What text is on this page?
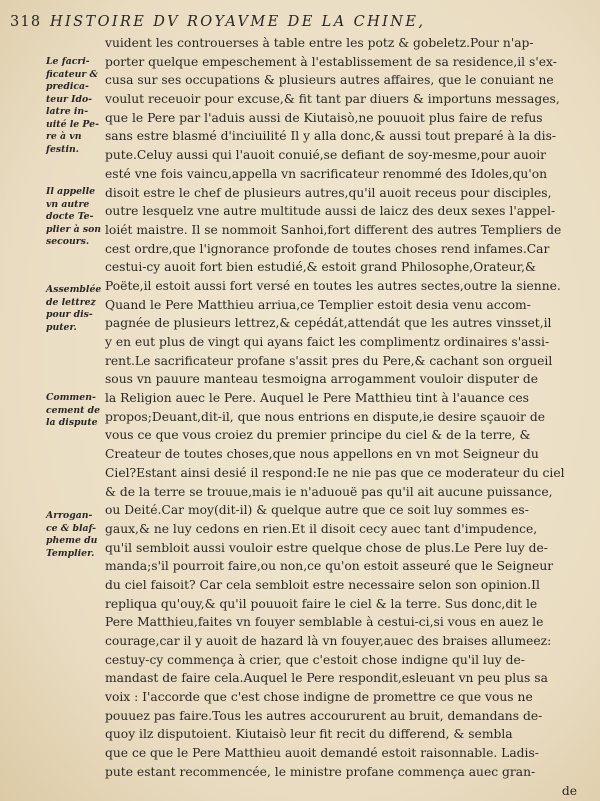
318 HISTOIRE DV ROYAVME DE LA CHINE,
Le facri-
ficateur &
predica-
teur Ido-
latre in-
uité le Pe-
re à vn
festin.
Il appelle
vn autre
docte Te-
plier à son
secours.
Assemblée
de lettrez
pour dis-
puter.
Commen-
cement de
la dispute
Arrogan-
ce & blaf-
pheme du
Templier.
vuident les controuerses à table entre les potz & gobeletz.Pour n'ap-
porter quelque empeschement à l'establissement de sa residence,il s'ex-
cusa sur ses occupations & plusieurs autres affaires, que le conuiant ne
voulut receuoir pour excuse,& fit tant par diuers & importuns messages,
que le Pere par l'aduis aussi de Kiutaisò,ne pouuoit plus faire de refus
sans estre blasmé d'inciuilité Il y alla donc,& aussi tout preparé à la dis-
pute.Celuy aussi qui l'auoit conuié,se defiant de soy-mesme,pour auoir
esté vne fois vaincu,appella vn sacrificateur renommé des Idoles,qu'on
disoit estre le chef de plusieurs autres,qu'il auoit receus pour disciples,
outre lesquelz vne autre multitude aussi de laicz des deux sexes l'appel-
loiét maistre. Il se nommoit Sanhoi,fort different des autres Templiers de
cest ordre,que l'ignorance profonde de toutes choses rend infames.Car
cestui-cy auoit fort bien estudié,& estoit grand Philosophe,Orateur,&
Poëte,il estoit aussi fort versé en toutes les autres sectes,outre la sienne.
Quand le Pere Matthieu arriua,ce Templier estoit desia venu accom-
pagnée de plusieurs lettrez,& cepédát,attendát que les autres vinsset,il
y en eut plus de vingt qui ayans faict les complimentz ordinaires s'assi-
rent.Le sacrificateur profane s'assit pres du Pere,& cachant son orgueil
sous vn pauure manteau tesmoigna arrogamment vouloir disputer de
la Religion auec le Pere. Auquel le Pere Matthieu tint à l'auance ces
propos;Deuant,dit-il, que nous entrions en dispute,ie desire sçauoir de
vous ce que vous croiez du premier principe du ciel & de la terre, &
Createur de toutes choses,que nous appellons en vn mot Seigneur du
Ciel?Estant ainsi desié il respond:Ie ne nie pas que ce moderateur du ciel
& de la terre se trouue,mais ie n'aduouë pas qu'il ait aucune puissance,
ou Deité.Car moy(dit-il) & quelque autre que ce soit luy sommes es-
gaux,& ne luy cedons en rien.Et il disoit cecy auec tant d'impudence,
qu'il sembloit aussi vouloir estre quelque chose de plus.Le Pere luy de-
manda;s'il pourroit faire,ou non,ce qu'on estoit asseuré que le Seigneur
du ciel faisoit? Car cela sembloit estre necessaire selon son opinion.Il
repliqua qu'ouy,& qu'il pouuoit faire le ciel & la terre. Sus donc,dit le
Pere Matthieu,faites vn fouyer semblable à cestui-ci,si vous en auez le
courage,car il y auoit de hazard là vn fouyer,auec des braises allumeez:
cestuy-cy commença à crier, que c'estoit chose indigne qu'il luy de-
mandast de faire cela.Auquel le Pere respondit,esleuant vn peu plus sa
voix : I'accorde que c'est chose indigne de promettre ce que vous ne
pouuez pas faire.Tous les autres accoururent au bruit, demandans de-
quoy ilz disputoient. Kiutaisò leur fit recit du differend, & sembla
que ce que le Pere Matthieu auoit demandé estoit raisonnable. Ladis-
pute estant recommencée, le ministre profane commença auec gran-
de
